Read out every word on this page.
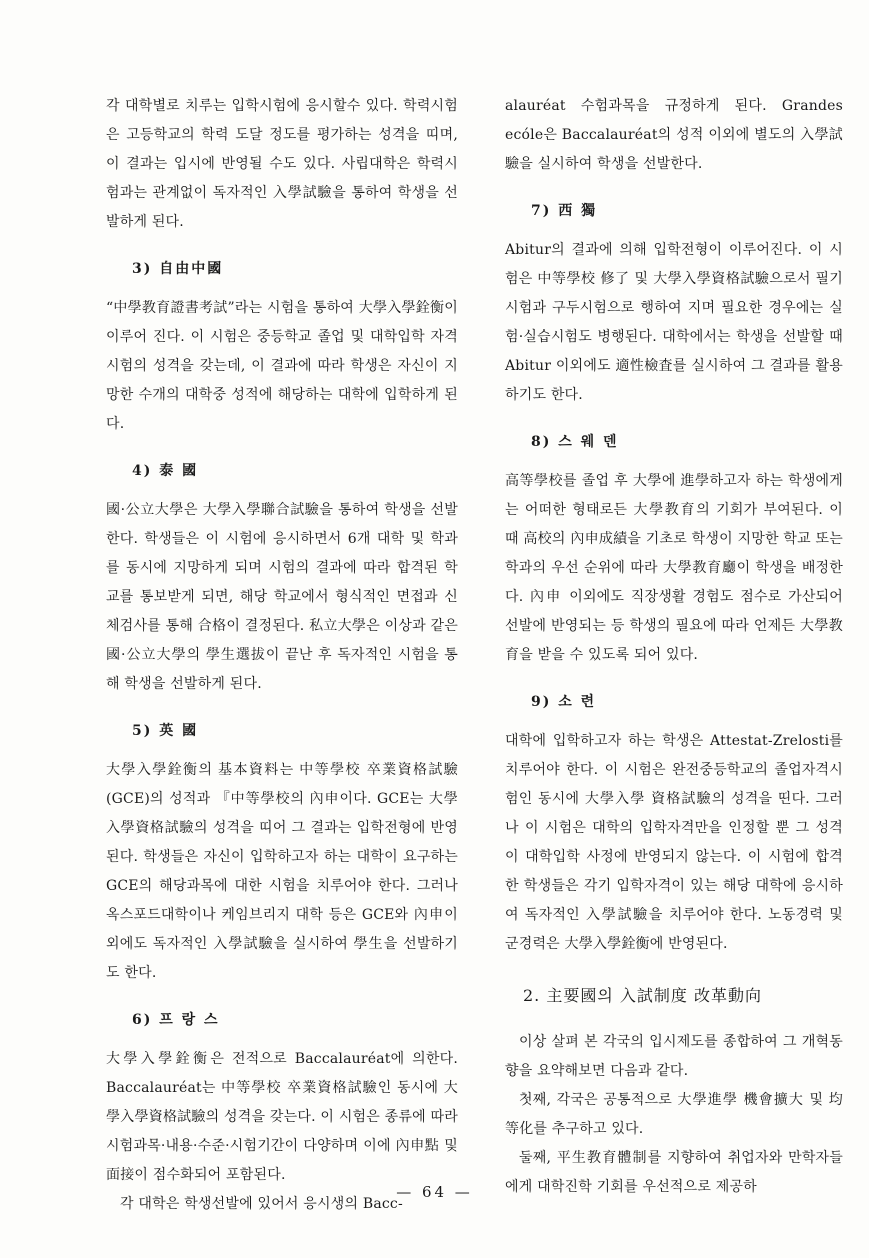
각 대학별로 치루는 입학시험에 응시할수 있다. 학력시험은 고등학교의 학력 도달 정도를 평가하는 성격을 띠며, 이 결과는 입시에 반영될 수도 있다. 사립대학은 학력시험과는 관계없이 독자적인 入學試驗을 통하여 학생을 선발하게 된다.

3) 自由中國

“中學教育證書考試”라는 시험을 통하여 大學入學銓衡이 이루어 진다. 이 시험은 중등학교 졸업 및 대학입학 자격시험의 성격을 갖는데, 이 결과에 따라 학생은 자신이 지망한 수개의 대학중 성적에 해당하는 대학에 입학하게 된다.

4) 泰 國

國·公立大學은 大學入學聯合試驗을 통하여 학생을 선발한다. 학생들은 이 시험에 응시하면서 6개 대학 및 학과를 동시에 지망하게 되며 시험의 결과에 따라 합격된 학교를 통보받게 되면, 해당 학교에서 형식적인 면접과 신체검사를 통해 合格이 결정된다. 私立大學은 이상과 같은 國·公立大學의 學生選拔이 끝난 후 독자적인 시험을 통해 학생을 선발하게 된다.

5) 英 國

大學入學銓衡의 基本資料는 中等學校 卒業資格試驗(GCE)의 성적과 『中等學校의 內申이다. GCE는 大學入學資格試驗의 성격을 띠어 그 결과는 입학전형에 반영된다. 학생들은 자신이 입학하고자 하는 대학이 요구하는 GCE의 해당과목에 대한 시험을 치루어야 한다. 그러나 옥스포드대학이나 케임브리지 대학 등은 GCE와 內申이외에도 독자적인 入學試驗을 실시하여 學生을 선발하기도 한다.

6) 프 랑 스

大學入學銓衡은 전적으로 Baccalauréat에 의한다. Baccalauréat는 中等學校 卒業資格試驗인 동시에 大學入學資格試驗의 성격을 갖는다. 이 시험은 종류에 따라 시험과목·내용·수준·시험기간이 다양하며 이에 內申點 및 面接이 점수화되어 포함된다.

각 대학은 학생선발에 있어서 응시생의 Bacc-

alauréat 수험과목을 규정하게 된다. Grandes ecóle은 Baccalauréat의 성적 이외에 별도의 入學試驗을 실시하여 학생을 선발한다.

7) 西 獨

Abitur의 결과에 의해 입학전형이 이루어진다. 이 시험은 中等學校 修了 및 大學入學資格試驗으로서 필기시험과 구두시험으로 행하여 지며 필요한 경우에는 실험·실습시험도 병행된다. 대학에서는 학생을 선발할 때 Abitur 이외에도 適性檢査를 실시하여 그 결과를 활용하기도 한다.

8) 스 웨 덴

高等學校를 졸업 후 大學에 進學하고자 하는 학생에게는 어떠한 형태로든 大學教育의 기회가 부여된다. 이 때 高校의 內申成績을 기초로 학생이 지망한 학교 또는 학과의 우선 순위에 따라 大學教育廳이 학생을 배정한다. 內申 이외에도 직장생활 경험도 점수로 가산되어 선발에 반영되는 등 학생의 필요에 따라 언제든 大學教育을 받을 수 있도록 되어 있다.

9) 소 련

대학에 입학하고자 하는 학생은 Attestat-Zrelosti를 치루어야 한다. 이 시험은 완전중등학교의 졸업자격시험인 동시에 大學入學 資格試驗의 성격을 띤다. 그러나 이 시험은 대학의 입학자격만을 인정할 뿐 그 성격이 대학입학 사정에 반영되지 않는다. 이 시험에 합격한 학생들은 각기 입학자격이 있는 해당 대학에 응시하여 독자적인 入學試驗을 치루어야 한다. 노동경력 및 군경력은 大學入學銓衡에 반영된다.

2. 主要國의 入試制度 改革動向

이상 살펴 본 각국의 입시제도를 종합하여 그 개혁동향을 요약해보면 다음과 같다.

첫째, 각국은 공통적으로 大學進學 機會擴大 및 均等化를 추구하고 있다.

둘째, 平生教育體制를 지향하여 취업자와 만학자들에게 대학진학 기회를 우선적으로 제공하

— 64 —
